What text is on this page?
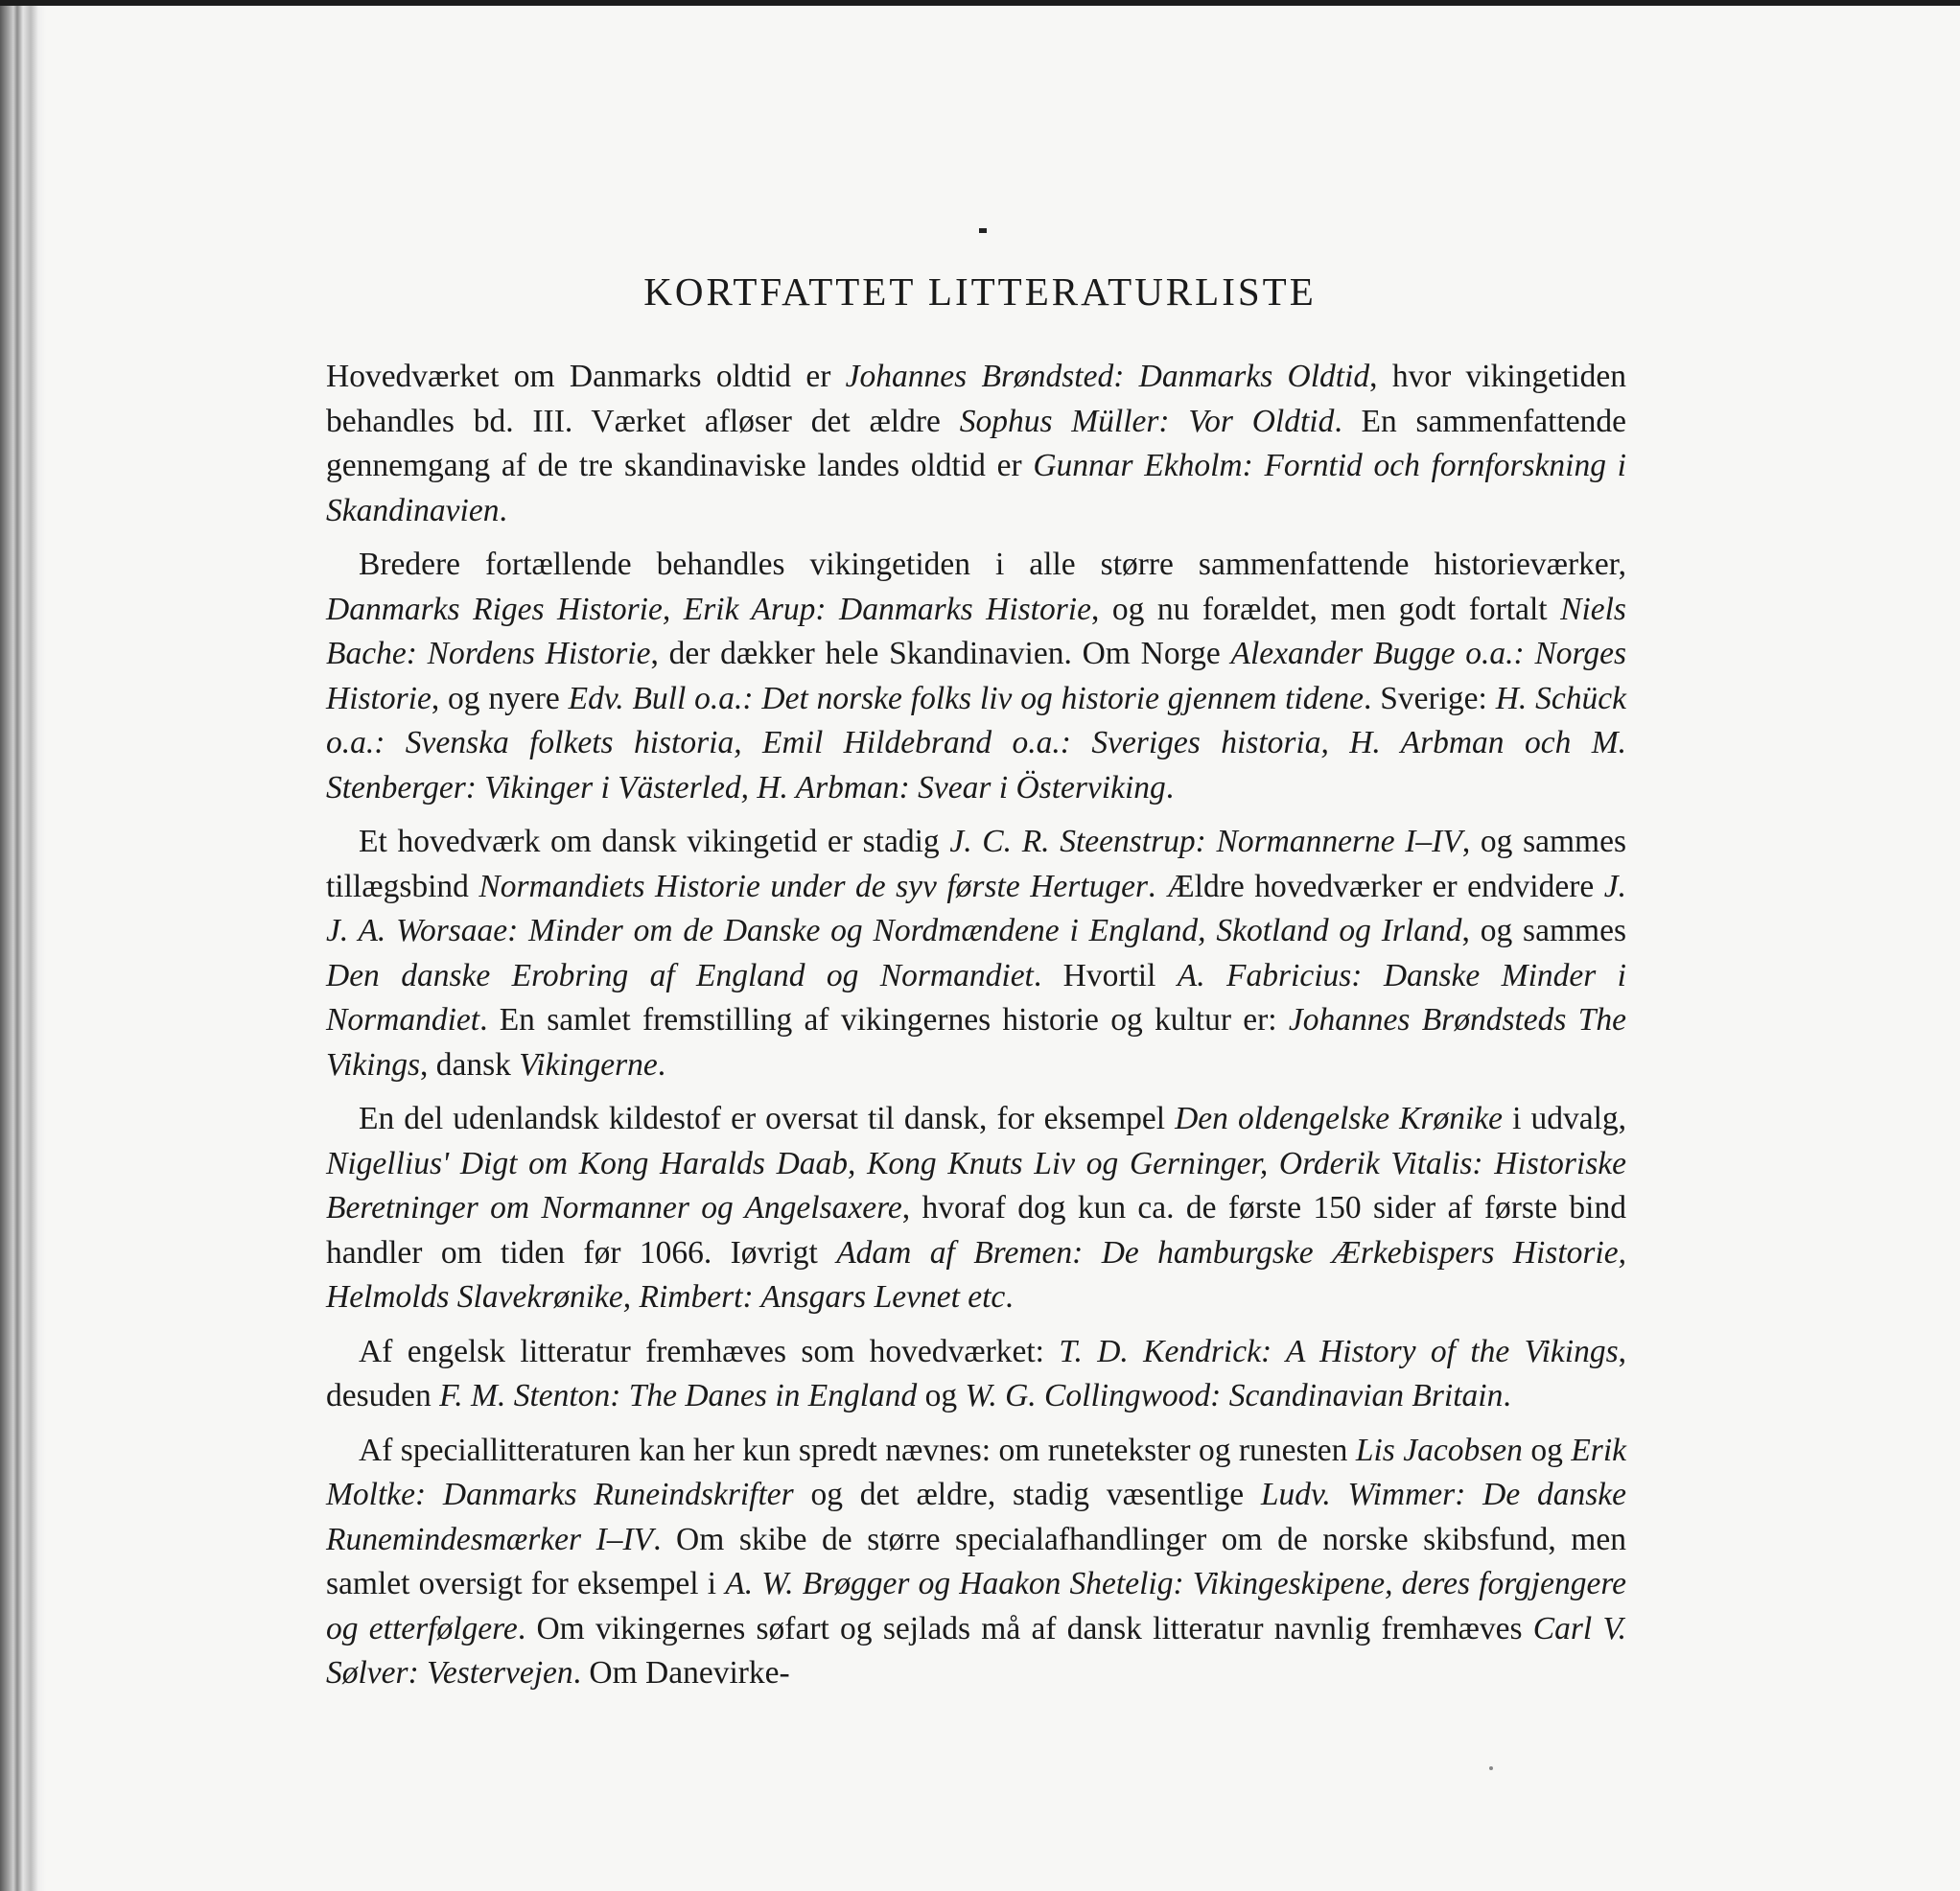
KORTFATTET LITTERATURLISTE

Hovedværket om Danmarks oldtid er Johannes Brøndsted: Danmarks Oldtid, hvor vikingetiden behandles bd. III. Værket afløser det ældre Sophus Müller: Vor Oldtid. En sammenfattende gennemgang af de tre skandinaviske landes oldtid er Gunnar Ekholm: Forntid och fornforskning i Skandinavien.

Bredere fortællende behandles vikingetiden i alle større sammenfattende historieværker, Danmarks Riges Historie, Erik Arup: Danmarks Historie, og nu forældet, men godt fortalt Niels Bache: Nordens Historie, der dækker hele Skandinavien. Om Norge Alexander Bugge o.a.: Norges Historie, og nyere Edv. Bull o.a.: Det norske folks liv og historie gjennem tidene. Sverige: H. Schück o.a.: Svenska folkets historia, Emil Hildebrand o.a.: Sveriges historia, H. Arbman och M. Stenberger: Vikinger i Västerled, H. Arbman: Svear i Österviking.

Et hovedværk om dansk vikingetid er stadig J. C. R. Steenstrup: Normannerne I–IV, og sammes tillægsbind Normandiets Historie under de syv første Hertuger. Ældre hovedværker er endvidere J. J. A. Worsaae: Minder om de Danske og Nordmændene i England, Skotland og Irland, og sammes Den danske Erobring af England og Normandiet. Hvortil A. Fabricius: Danske Minder i Normandiet. En samlet fremstilling af vikingernes historie og kultur er: Johannes Brøndsteds The Vikings, dansk Vikingerne.

En del udenlandsk kildestof er oversat til dansk, for eksempel Den oldengelske Krønike i udvalg, Nigellius' Digt om Kong Haralds Daab, Kong Knuts Liv og Gerninger, Orderik Vitalis: Historiske Beretninger om Normanner og Angelsaxere, hvoraf dog kun ca. de første 150 sider af første bind handler om tiden før 1066. Iøvrigt Adam af Bremen: De hamburgske Ærkebispers Historie, Helmolds Slavekrønike, Rimbert: Ansgars Levnet etc.

Af engelsk litteratur fremhæves som hovedværket: T. D. Kendrick: A History of the Vikings, desuden F. M. Stenton: The Danes in England og W. G. Collingwood: Scandinavian Britain.

Af speciallitteraturen kan her kun spredt nævnes: om runetekster og runesten Lis Jacobsen og Erik Moltke: Danmarks Runeindskrifter og det ældre, stadig væsentlige Ludv. Wimmer: De danske Runemindesmærker I–IV. Om skibe de større specialafhandlinger om de norske skibsfund, men samlet oversigt for eksempel i A. W. Brøgger og Haakon Shetelig: Vikingeskipene, deres forgjengere og etterfølgere. Om vikingernes søfart og sejlads må af dansk litteratur navnlig fremhæves Carl V. Sølver: Vestervejen. Om Danevirke-
